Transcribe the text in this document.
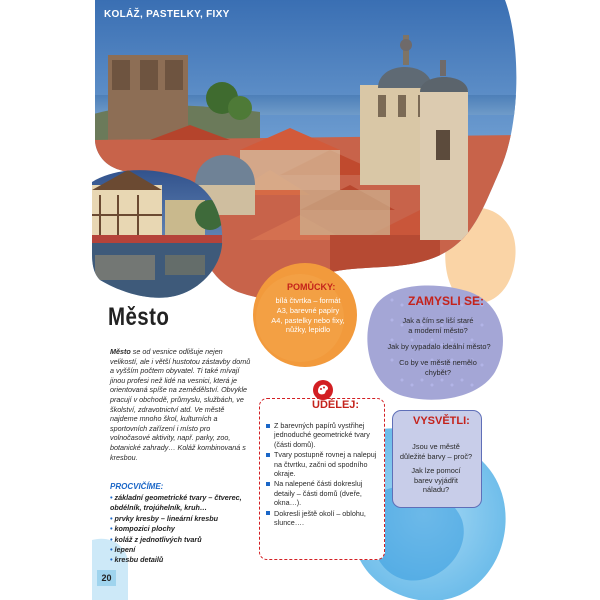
KOLÁŽ, PASTELKY, FIXY
Město
Město se od vesnice odlišuje nejen velikostí, ale i větší hustotou zástavby domů a vyšším počtem obyvatel. Ti také mívají jinou profesi než lidé na vesnici, která je orientovaná spíše na zemědělství. Obvykle pracují v obchodě, průmyslu, službách, ve školství, zdravotnictví atd. Ve městě najdeme mnoho škol, kulturních a sportovních zařízení i místo pro volnočasové aktivity, např. parky, zoo, botanické zahrady… Koláž kombinovaná s kresbou.
PROCVIČÍME:
• základní geometrické tvary – čtverec, obdélník, trojúhelník, kruh…
• prvky kresby – lineární kresbu
• kompozici plochy
• koláž z jednotlivých tvarů
• lepení
• kresbu detailů
20
POMŮCKY:
bílá čtvrtka – formát
A3, barevné papíry
A4, pastelky nebo fixy,
nůžky, lepidlo
ZAMYSLI SE:
Jak a čím se liší staré
a moderní město?
Jak by vypadalo ideální město?
Co by ve městě nemělo
chybět?
UDĚLEJ:
Z barevných papírů vystřihej jednoduché geometrické tvary (části domů).
Tvary postupně rovnej a nalepuj na čtvrtku, začni od spodního okraje.
Na nalepené části dokresluj detaily – části domů (dveře, okna…).
Dokresli ještě okolí – oblohu, slunce….
VYSVĚTLI:
Jsou ve městě
důležité barvy – proč?
Jak lze pomocí
barev vyjádřit
náladu?
